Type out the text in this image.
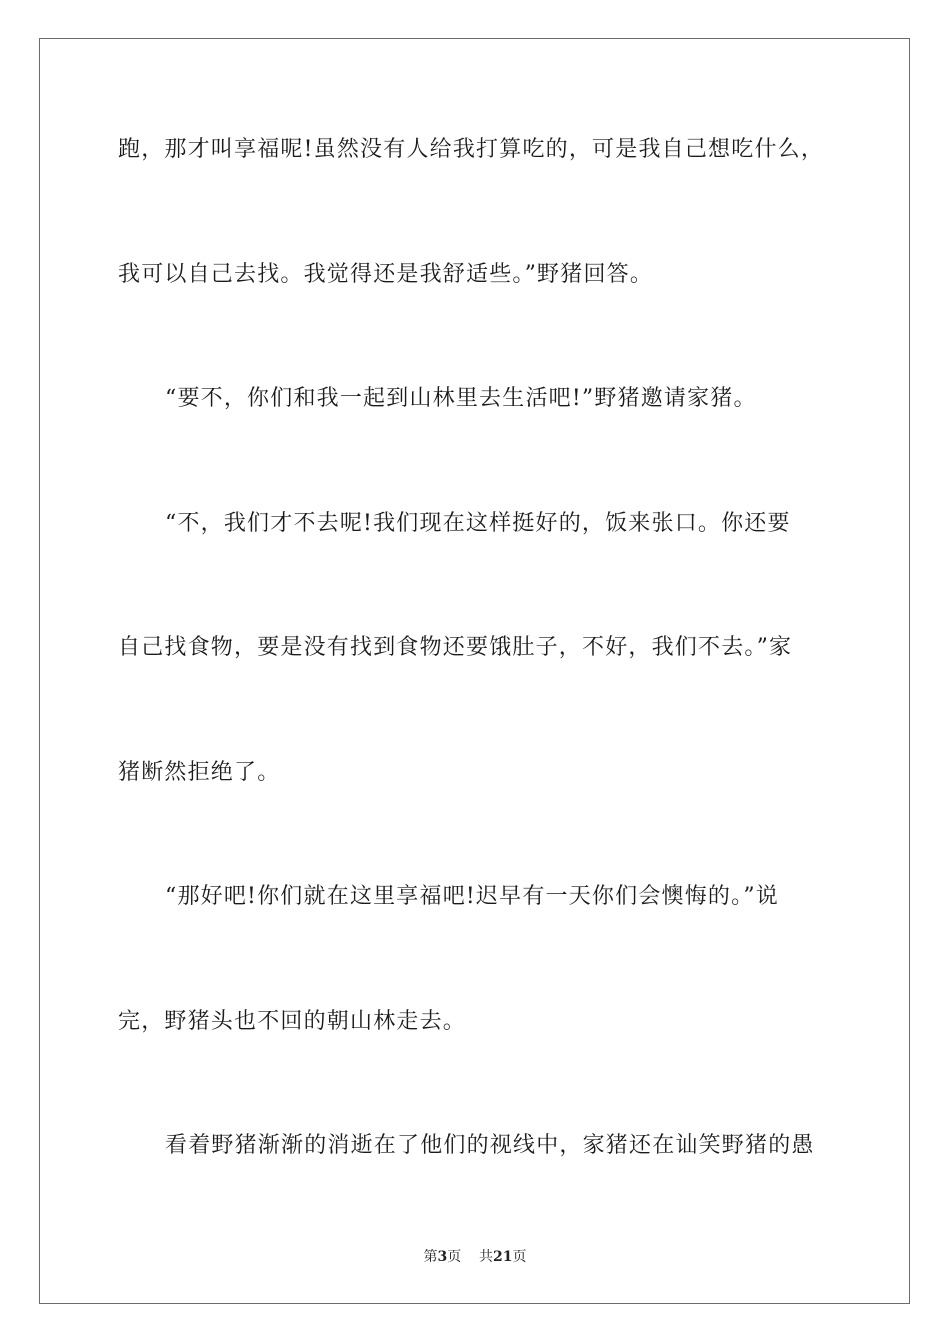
跑，那才叫享福呢!虽然没有人给我打算吃的，可是我自己想吃什么，
我可以自己去找。我觉得还是我舒适些。”野猪回答。
“要不，你们和我一起到山林里去生活吧!”野猪邀请家猪。
“不，我们才不去呢!我们现在这样挺好的，饭来张口。你还要
自己找食物，要是没有找到食物还要饿肚子，不好，我们不去。”家
猪断然拒绝了。
“那好吧!你们就在这里享福吧!迟早有一天你们会懊悔的。”说
完，野猪头也不回的朝山林走去。
看着野猪渐渐的消逝在了他们的视线中，家猪还在讪笑野猪的愚
第3页 共21页
